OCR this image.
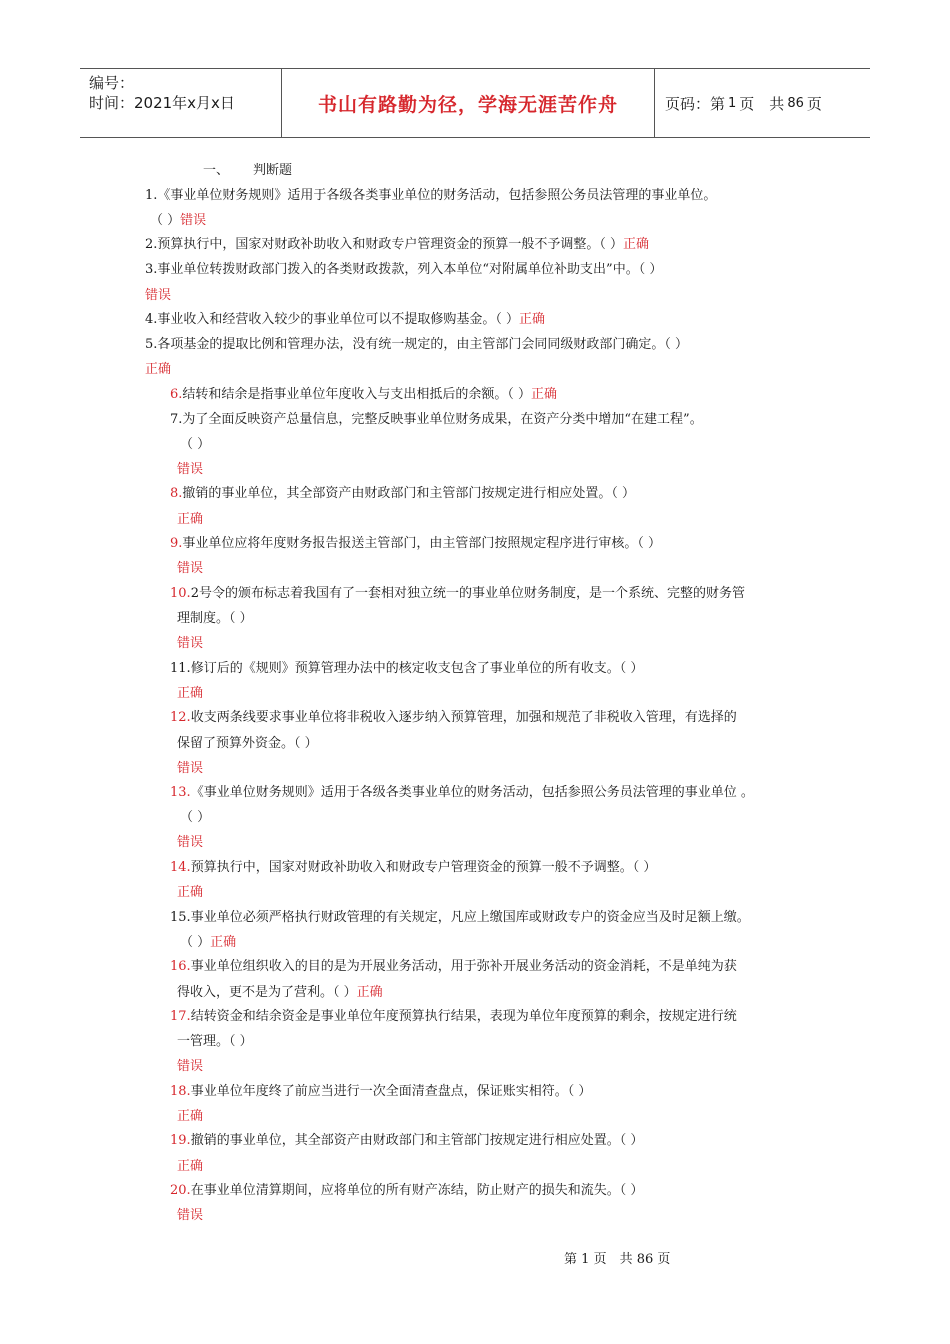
编号：
时间：2021年x月x日	书山有路勤为径，学海无涯苦作舟	页码：第 1 页　共 86 页
一、 判断题
1.《事业单位财务规则》适用于各级各类事业单位的财务活动，包括参照公务员法管理的事业单位。
（ ）错误
2.预算执行中，国家对财政补助收入和财政专户管理资金的预算一般不予调整。（ ）正确
3.事业单位转拨财政部门拨入的各类财政拨款，列入本单位“对附属单位补助支出”中。（ ）
错误
4.事业收入和经营收入较少的事业单位可以不提取修购基金。（ ）正确
5.各项基金的提取比例和管理办法，没有统一规定的，由主管部门会同同级财政部门确定。（ ）
正确
6.结转和结余是指事业单位年度收入与支出相抵后的余额。（ ）正确
7.为了全面反映资产总量信息，完整反映事业单位财务成果，在资产分类中增加“在建工程”。
（ ）
错误
8.撤销的事业单位，其全部资产由财政部门和主管部门按规定进行相应处置。（ ）
正确
9.事业单位应将年度财务报告报送主管部门，由主管部门按照规定程序进行审核。（ ）
错误
10.2号令的颁布标志着我国有了一套相对独立统一的事业单位财务制度，是一个系统、完整的财务管
理制度。（ ）
错误
11.修订后的《规则》预算管理办法中的核定收支包含了事业单位的所有收支。（ ）
正确
12.收支两条线要求事业单位将非税收入逐步纳入预算管理，加强和规范了非税收入管理，有选择的
保留了预算外资金。（ ）
错误
13.《事业单位财务规则》适用于各级各类事业单位的财务活动，包括参照公务员法管理的事业单位 。
（ ）
错误
14.预算执行中，国家对财政补助收入和财政专户管理资金的预算一般不予调整。（ ）
正确
15.事业单位必须严格执行财政管理的有关规定，凡应上缴国库或财政专户的资金应当及时足额上缴。
（ ）正确
16.事业单位组织收入的目的是为开展业务活动，用于弥补开展业务活动的资金消耗，不是单纯为获
得收入，更不是为了营利。（ ）正确
17.结转资金和结余资金是事业单位年度预算执行结果，表现为单位年度预算的剩余，按规定进行统
一管理。（ ）
错误
18.事业单位年度终了前应当进行一次全面清查盘点，保证账实相符。（ ）
正确
19.撤销的事业单位，其全部资产由财政部门和主管部门按规定进行相应处置。（ ）
正确
20.在事业单位清算期间，应将单位的所有财产冻结，防止财产的损失和流失。（ ）
错误
第 1 页　共 86 页
